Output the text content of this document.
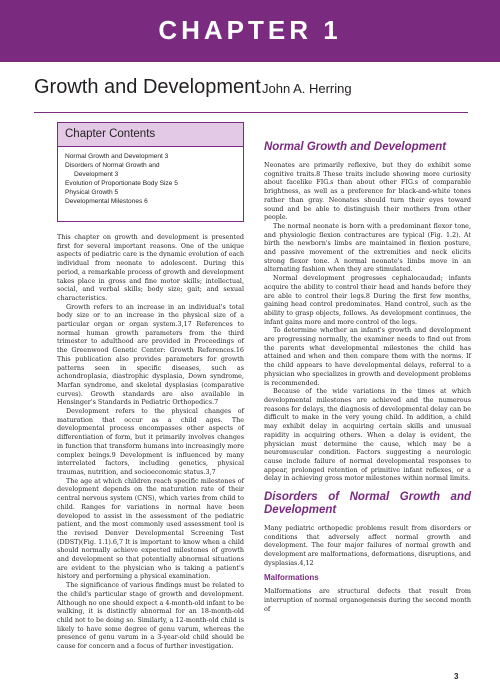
CHAPTER 1
Growth and Development John A. Herring
Chapter Contents
Normal Growth and Development 3
Disorders of Normal Growth and
Development 3
Evolution of Proportionate Body Size 5
Physical Growth 5
Developmental Milestones 6

This chapter on growth and development is presented first for several important reasons. One of the unique aspects of pediatric care is the dynamic evolution of each individual from neonate to adolescent. During this period, a remarkable process of growth and development takes place in gross and fine motor skills; intellectual, social, and verbal skills; body size; gait; and sexual characteristics.

Growth refers to an increase in an individual's total body size or to an increase in the physical size of a particular organ or organ system.3,17 References to normal human growth parameters from the third trimester to adulthood are provided in Proceedings of the Greenwood Genetic Center: Growth References.16 This publication also provides parameters for growth patterns seen in specific diseases, such as achondroplasia, diastrophic dysplasia, Down syndrome, Marfan syndrome, and skeletal dysplasias (comparative curves). Growth standards are also available in Hensinger's Standards in Pediatric Orthopedics.7

Development refers to the physical changes of maturation that occur as a child ages. The developmental process encompasses other aspects of differentiation of form, but it primarily involves changes in function that transform humans into increasingly more complex beings.9 Development is influenced by many interrelated factors, including genetics, physical traumas, nutrition, and socioeconomic status.3,7

The age at which children reach specific milestones of development depends on the maturation rate of their central nervous system (CNS), which varies from child to child. Ranges for variations in normal have been developed to assist in the assessment of the pediatric patient, and the most commonly used assessment tool is the revised Denver Developmental Screening Test (DDST)(Fig. 1.1).6,7 It is important to know when a child should normally achieve expected milestones of growth and development so that potentially abnormal situations are evident to the physician who is taking a patient's history and performing a physical examination.

The significance of various findings must be related to the child's particular stage of growth and development. Although no one should expect a 4-month-old infant to be walking, it is distinctly abnormal for an 18-month-old child not to be doing so. Similarly, a 12-month-old child is likely to have some degree of genu varum, whereas the presence of genu varum in a 3-year-old child should be cause for concern and a focus of further investigation.

Normal Growth and Development

Neonates are primarily reflexive, but they do exhibit some cognitive traits.8 These traits include showing more curiosity about facelike FIG.s than about other FIG.s of comparable brightness, as well as a preference for black-and-white tones rather than gray. Neonates should turn their eyes toward sound and be able to distinguish their mothers from other people.

The normal neonate is born with a predominant flexor tone, and physiologic flexion contractures are typical (Fig. 1.2). At birth the newborn's limbs are maintained in flexion posture, and passive movement of the extremities and neck elicits strong flexor tone. A normal neonate's limbs move in an alternating fashion when they are stimulated.

Normal development progresses cephalocaudad; infants acquire the ability to control their head and hands before they are able to control their legs.8 During the first few months, gaining head control predominates. Hand control, such as the ability to grasp objects, follows. As development continues, the infant gains more and more control of the legs.

To determine whether an infant's growth and development are progressing normally, the examiner needs to find out from the parents what developmental milestones the child has attained and when and then compare them with the norms. If the child appears to have developmental delays, referral to a physician who specializes in growth and development problems is recommended.

Because of the wide variations in the times at which developmental milestones are achieved and the numerous reasons for delays, the diagnosis of developmental delay can be difficult to make in the very young child. In addition, a child may exhibit delay in acquiring certain skills and unusual rapidity in acquiring others. When a delay is evident, the physician must determine the cause, which may be a neuromuscular condition. Factors suggesting a neurologic cause include failure of normal developmental responses to appear, prolonged retention of primitive infant reflexes, or a delay in achieving gross motor milestones within normal limits.

Disorders of Normal Growth and Development

Many pediatric orthopedic problems result from disorders or conditions that adversely affect normal growth and development. The four major failures of normal growth and development are malformations, deformations, disruptions, and dysplasias.4,12

Malformations

Malformations are structural defects that result from interruption of normal organogenesis during the second month of

3
